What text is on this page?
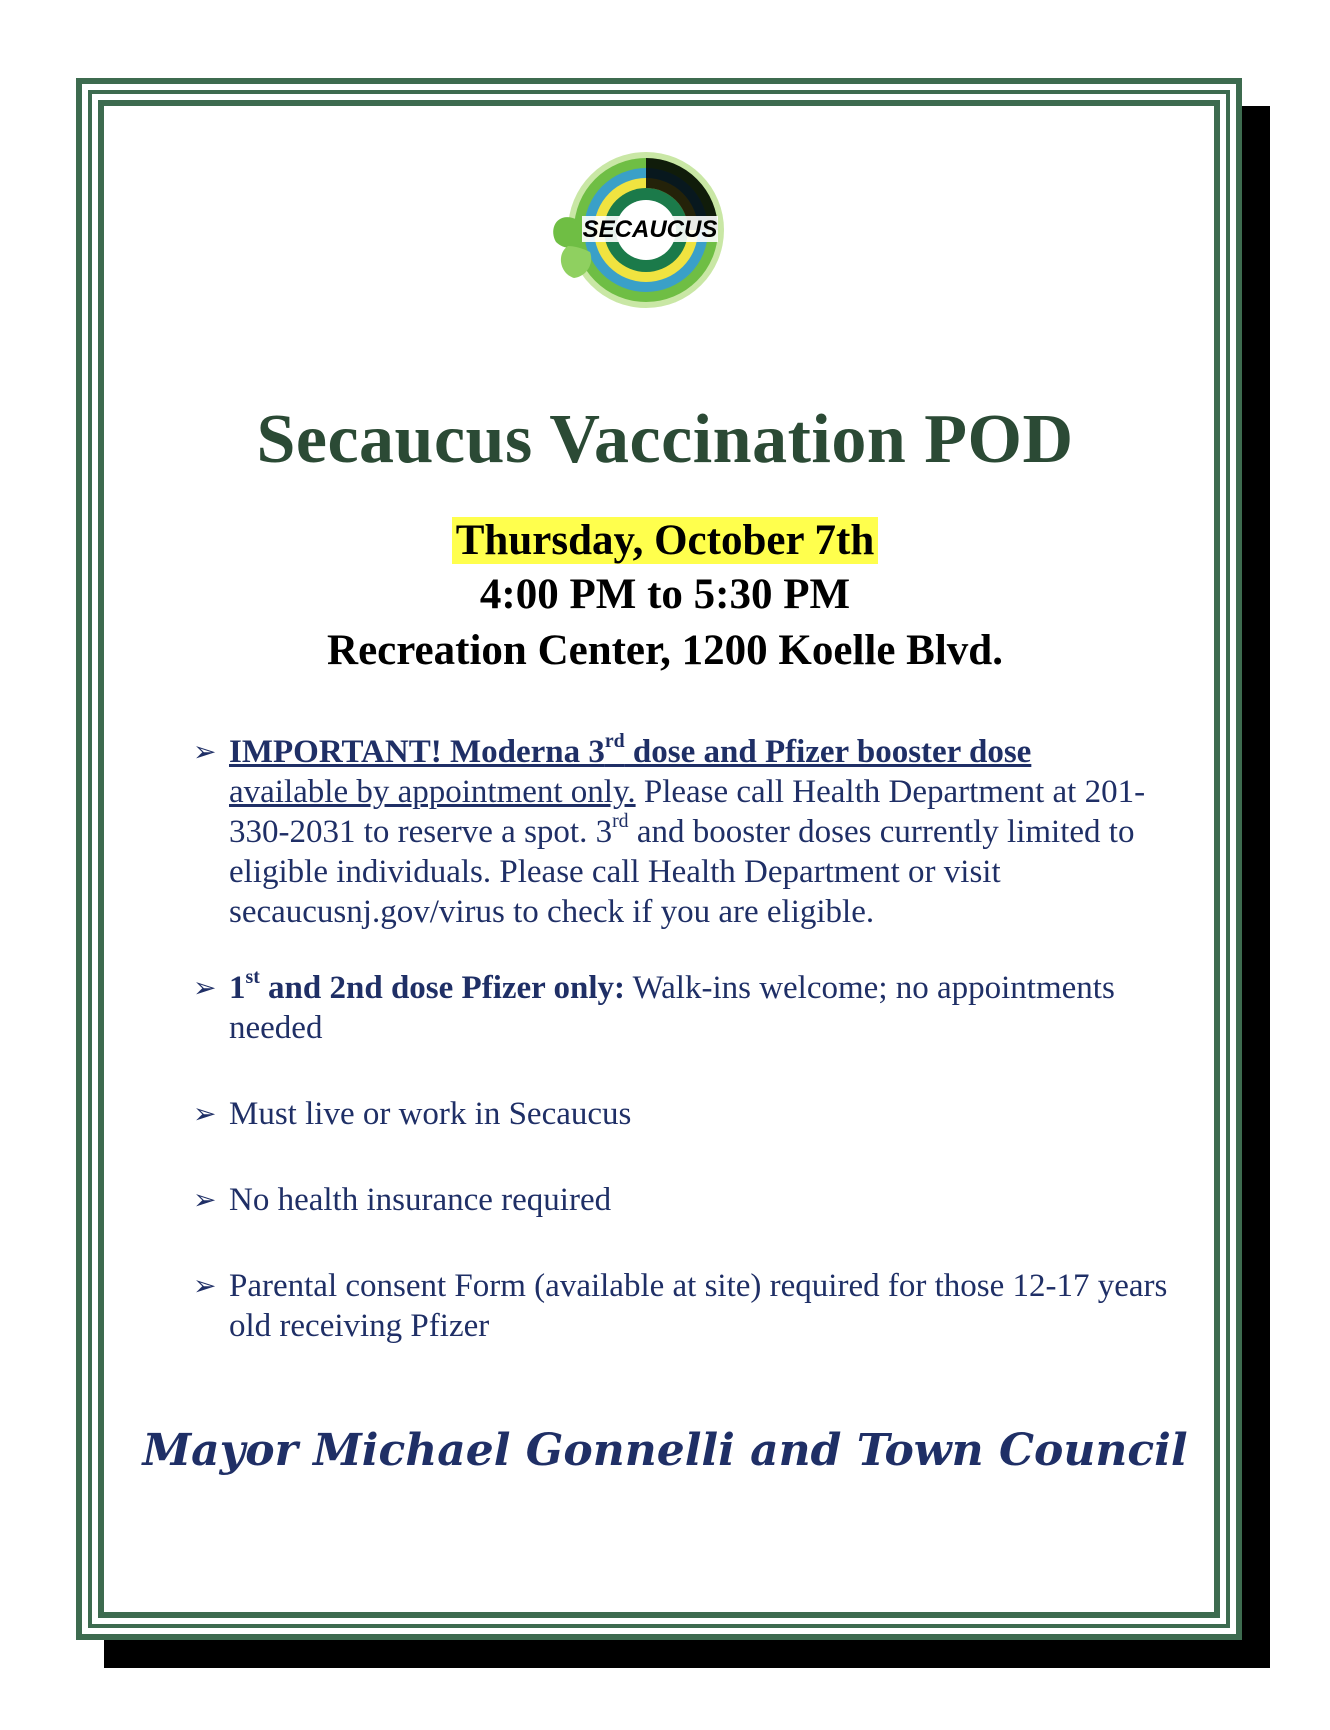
SECAUCUS
Secaucus Vaccination POD
Thursday, October 7th
4:00 PM to 5:30 PM
Recreation Center, 1200 Koelle Blvd.
➢ IMPORTANT! Moderna 3rd dose and Pfizer booster dose
available by appointment only. Please call Health Department at 201-330-2031 to reserve a spot. 3rd and booster doses currently limited to eligible individuals. Please call Health Department or visit secaucusnj.gov/virus to check if you are eligible.
➢ 1st and 2nd dose Pfizer only: Walk-ins welcome; no appointments needed
➢ Must live or work in Secaucus
➢ No health insurance required
➢ Parental consent Form (available at site) required for those 12-17 years old receiving Pfizer

Mayor Michael Gonnelli and Town Council
